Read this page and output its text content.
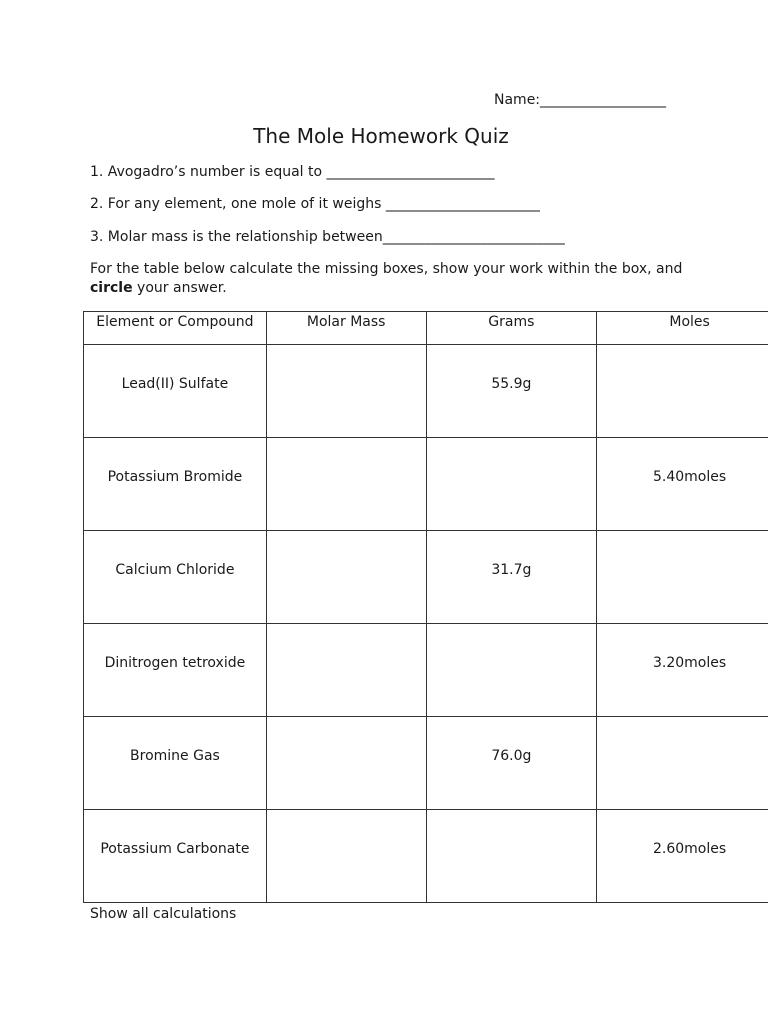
Name:__________________
The Mole Homework Quiz
1. Avogadro’s number is equal to ________________________
2. For any element, one mole of it weighs ______________________
3. Molar mass is the relationship between__________________________
For the table below calculate the missing boxes, show your work within the box, and circle your answer.
Element or Compound	Molar Mass	Grams	Moles
Lead(II) Sulfate		55.9g	
Potassium Bromide			5.40moles
Calcium Chloride		31.7g	
Dinitrogen tetroxide			3.20moles
Bromine Gas		76.0g	
Potassium Carbonate			2.60moles
Show all calculations
